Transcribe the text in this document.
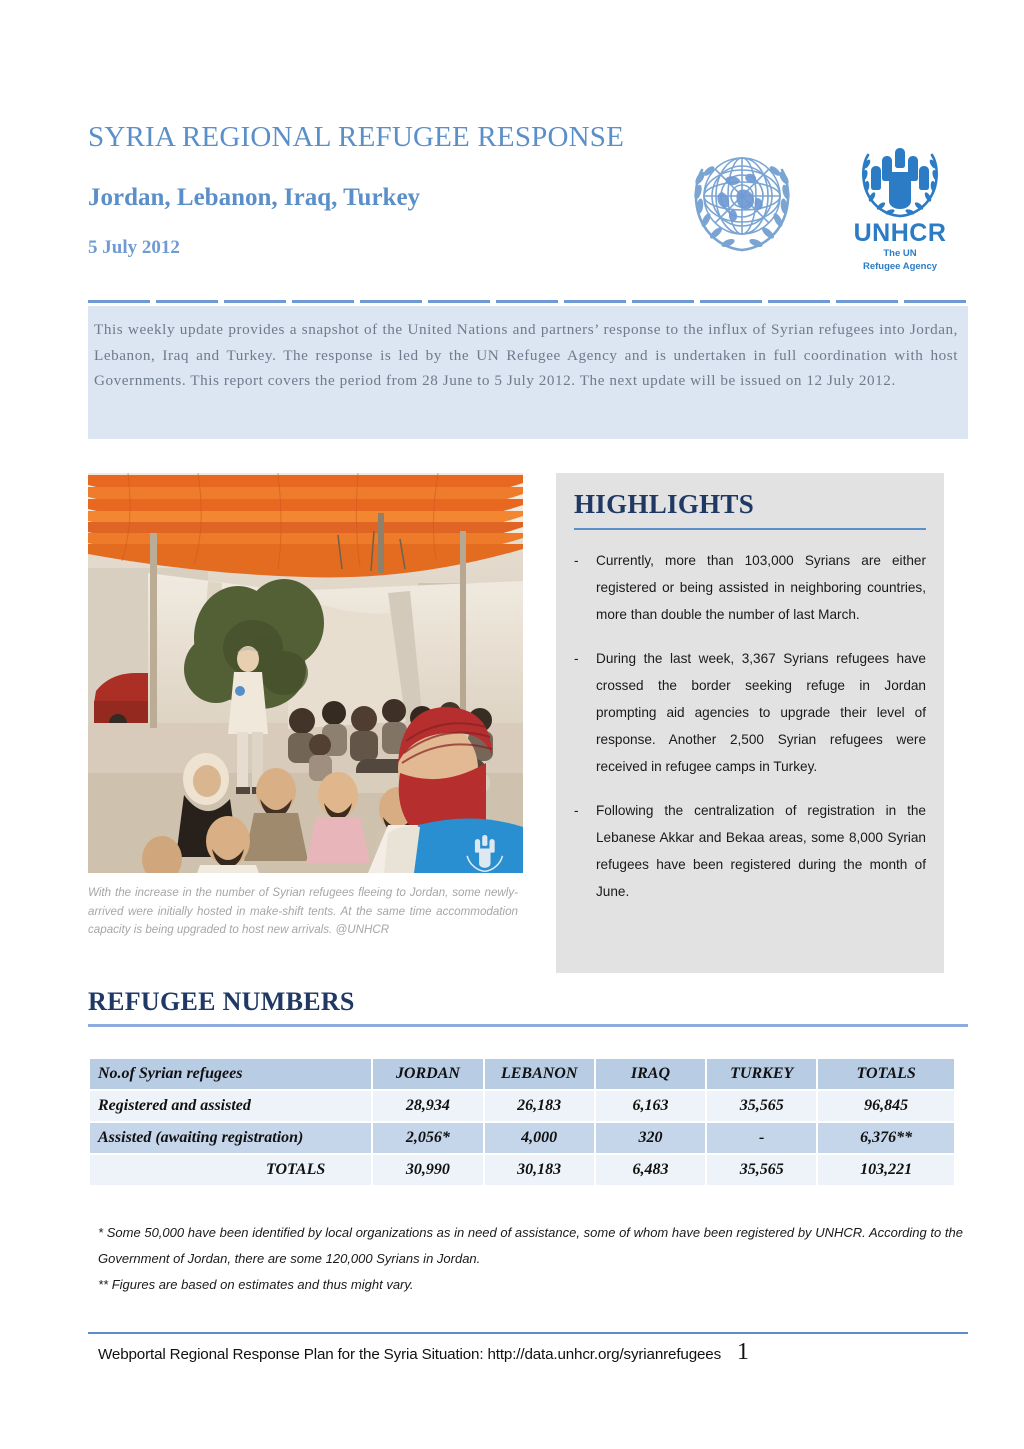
SYRIA REGIONAL REFUGEE RESPONSE
Jordan, Lebanon, Iraq, Turkey
5 July 2012
UNHCR
The UN
Refugee Agency

This weekly update provides a snapshot of the United Nations and partners’ response to the influx of Syrian refugees into Jordan, Lebanon, Iraq and Turkey. The response is led by the UN Refugee Agency and is undertaken in full coordination with host Governments. This report covers the period from 28 June to 5 July 2012. The next update will be issued on 12 July 2012.

With the increase in the number of Syrian refugees fleeing to Jordan, some newly-arrived were initially hosted in make-shift tents. At the same time accommodation capacity is being upgraded to host new arrivals. @UNHCR

HIGHLIGHTS
-	Currently, more than 103,000 Syrians are either registered or being assisted in neighboring countries, more than double the number of last March.
-	During the last week, 3,367 Syrians refugees have crossed the border seeking refuge in Jordan prompting aid agencies to upgrade their level of response. Another 2,500 Syrian refugees were received in refugee camps in Turkey.
-	Following the centralization of registration in the Lebanese Akkar and Bekaa areas, some 8,000 Syrian refugees have been registered during the month of June.
REFUGEE NUMBERS
No.of Syrian refugees	JORDAN	LEBANON	IRAQ	TURKEY	TOTALS
Registered and assisted	28,934	26,183	6,163	35,565	96,845
Assisted (awaiting registration)	2,056*	4,000	320	-	6,376**
TOTALS	30,990	30,183	6,483	35,565	103,221

* Some 50,000 have been identified by local organizations as in need of assistance, some of whom have been registered by UNHCR. According to the Government of Jordan, there are some 120,000 Syrians in Jordan.

** Figures are based on estimates and thus might vary.

Webportal Regional Response Plan for the Syria Situation: http://data.unhcr.org/syrianrefugees 1
